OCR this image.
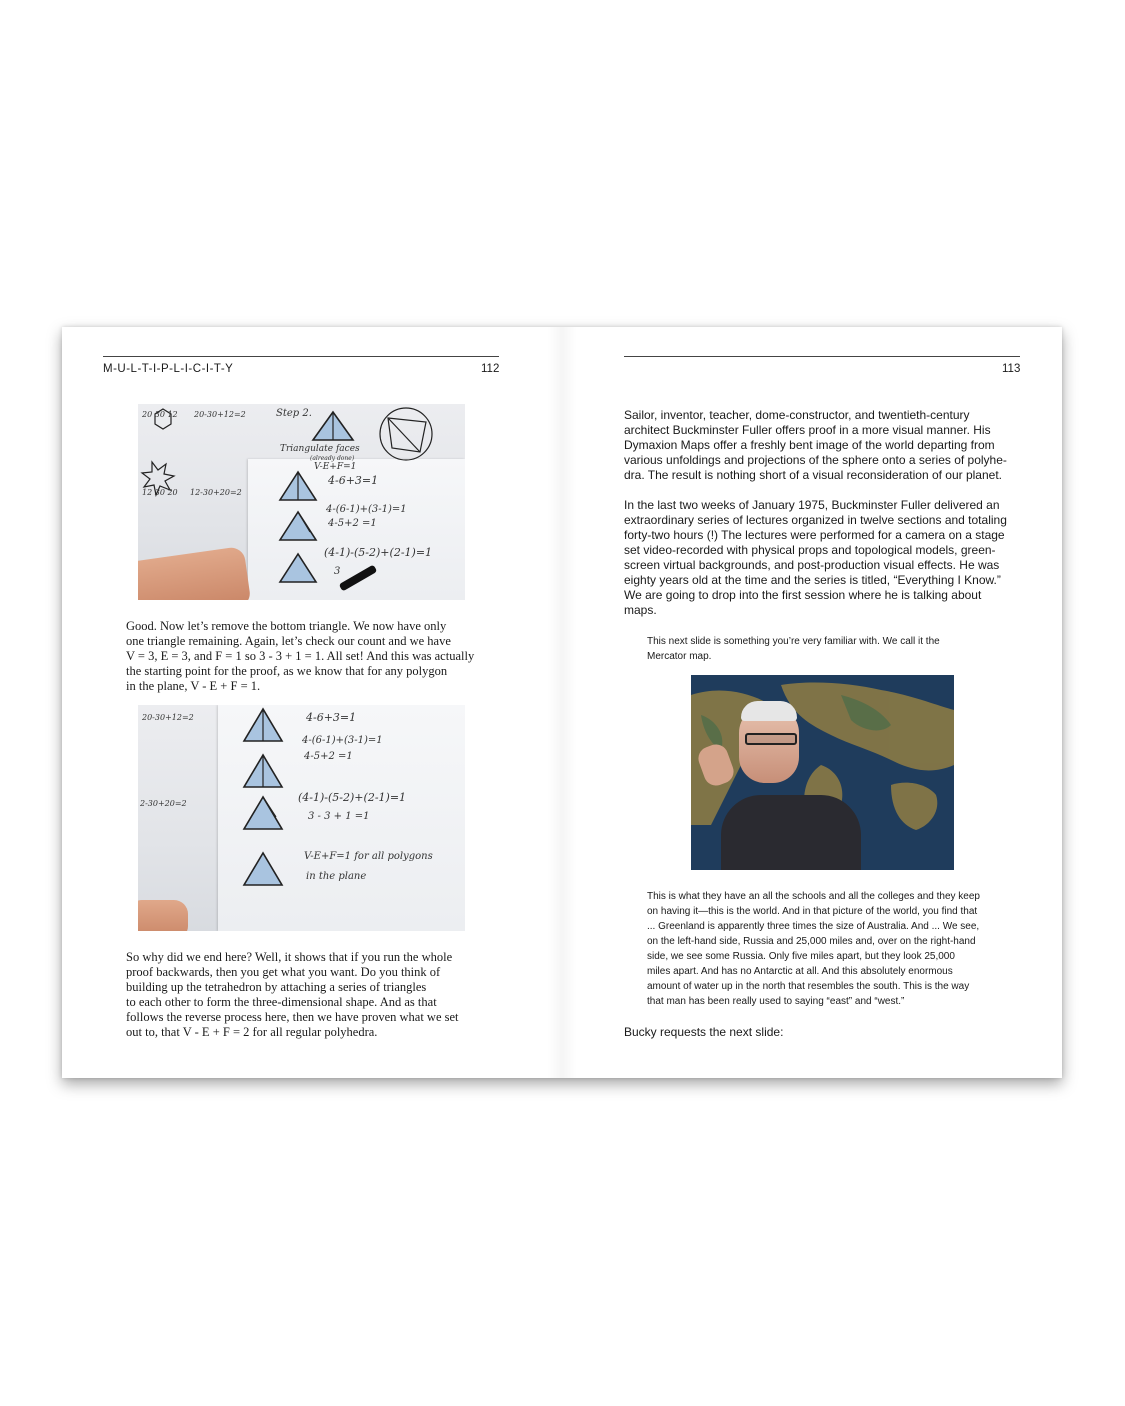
M-U-L-T-I-P-L-I-C-I-T-Y	112
20 30 12 20-30+12=2	Step 2.
Triangulate faces
(already done)
V-E+F=1
4-6+3=1
4-(6-1)+(3-1)=1
4-5+2 =1
(4-1)-(5-2)+(2-1)=1
3
12 30 20 12-30+20=2
Good. Now let’s remove the bottom triangle. We now have only
one triangle remaining. Again, let’s check our count and we have
V = 3, E = 3, and F = 1 so 3 - 3 + 1 = 1. All set! And this was actually
the starting point for the proof, as we know that for any polygon
in the plane, V - E + F = 1.
20-30+12=2	4-6+3=1
4-(6-1)+(3-1)=1
4-5+2 =1
2-30+20=2	(4-1)-(5-2)+(2-1)=1
3 - 3 + 1 =1
V-E+F=1 for all polygons
in the plane
So why did we end here? Well, it shows that if you run the whole
proof backwards, then you get what you want. Do you think of
building up the tetrahedron by attaching a series of triangles
to each other to form the three-dimensional shape. And as that
follows the reverse process here, then we have proven what we set
out to, that V - E + F = 2 for all regular polyhedra.
113
Sailor, inventor, teacher, dome-constructor, and twentieth-century
architect Buckminster Fuller offers proof in a more visual manner. His
Dymaxion Maps offer a freshly bent image of the world departing from
various unfoldings and projections of the sphere onto a series of polyhe-
dra. The result is nothing short of a visual reconsideration of our planet.
In the last two weeks of January 1975, Buckminster Fuller delivered an
extraordinary series of lectures organized in twelve sections and totaling
forty-two hours (!) The lectures were performed for a camera on a stage
set video-recorded with physical props and topological models, green-
screen virtual backgrounds, and post-production visual effects. He was
eighty years old at the time and the series is titled, “Everything I Know.”
We are going to drop into the first session where he is talking about
maps.
This next slide is something you’re very familiar with. We call it the
Mercator map.
This is what they have an all the schools and all the colleges and they keep
on having it—this is the world. And in that picture of the world, you find that
... Greenland is apparently three times the size of Australia. And ... We see,
on the left-hand side, Russia and 25,000 miles and, over on the right-hand
side, we see some Russia. Only five miles apart, but they look 25,000
miles apart. And has no Antarctic at all. And this absolutely enormous
amount of water up in the north that resembles the south. This is the way
that man has been really used to saying “east” and “west.”
Bucky requests the next slide:
